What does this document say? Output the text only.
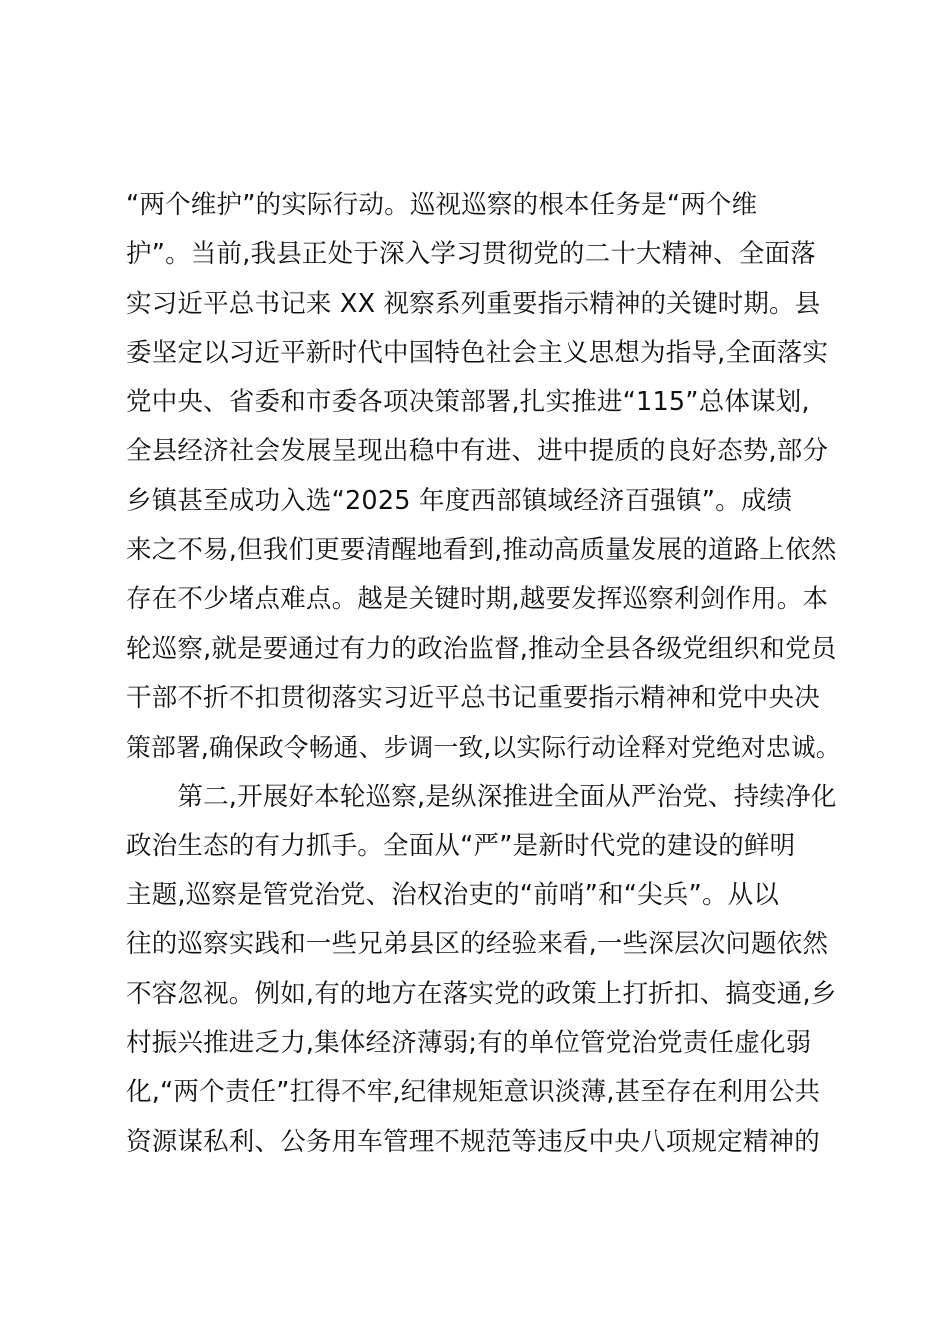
“两个维护”的实际行动。巡视巡察的根本任务是“两个维
护”。当前,我县正处于深入学习贯彻党的二十大精神、全面落
实习近平总书记来 XX 视察系列重要指示精神的关键时期。县
委坚定以习近平新时代中国特色社会主义思想为指导,全面落实
党中央、省委和市委各项决策部署,扎实推进“115”总体谋划,
全县经济社会发展呈现出稳中有进、进中提质的良好态势,部分
乡镇甚至成功入选“2025 年度西部镇域经济百强镇”。成绩
来之不易,但我们更要清醒地看到,推动高质量发展的道路上依然
存在不少堵点难点。越是关键时期,越要发挥巡察利剑作用。本
轮巡察,就是要通过有力的政治监督,推动全县各级党组织和党员
干部不折不扣贯彻落实习近平总书记重要指示精神和党中央决
策部署,确保政令畅通、步调一致,以实际行动诠释对党绝对忠诚。
　　第二,开展好本轮巡察,是纵深推进全面从严治党、持续净化
政治生态的有力抓手。全面从“严”是新时代党的建设的鲜明
主题,巡察是管党治党、治权治吏的“前哨”和“尖兵”。从以
往的巡察实践和一些兄弟县区的经验来看,一些深层次问题依然
不容忽视。例如,有的地方在落实党的政策上打折扣、搞变通,乡
村振兴推进乏力,集体经济薄弱;有的单位管党治党责任虚化弱
化,“两个责任”扛得不牢,纪律规矩意识淡薄,甚至存在利用公共
资源谋私利、公务用车管理不规范等违反中央八项规定精神的
